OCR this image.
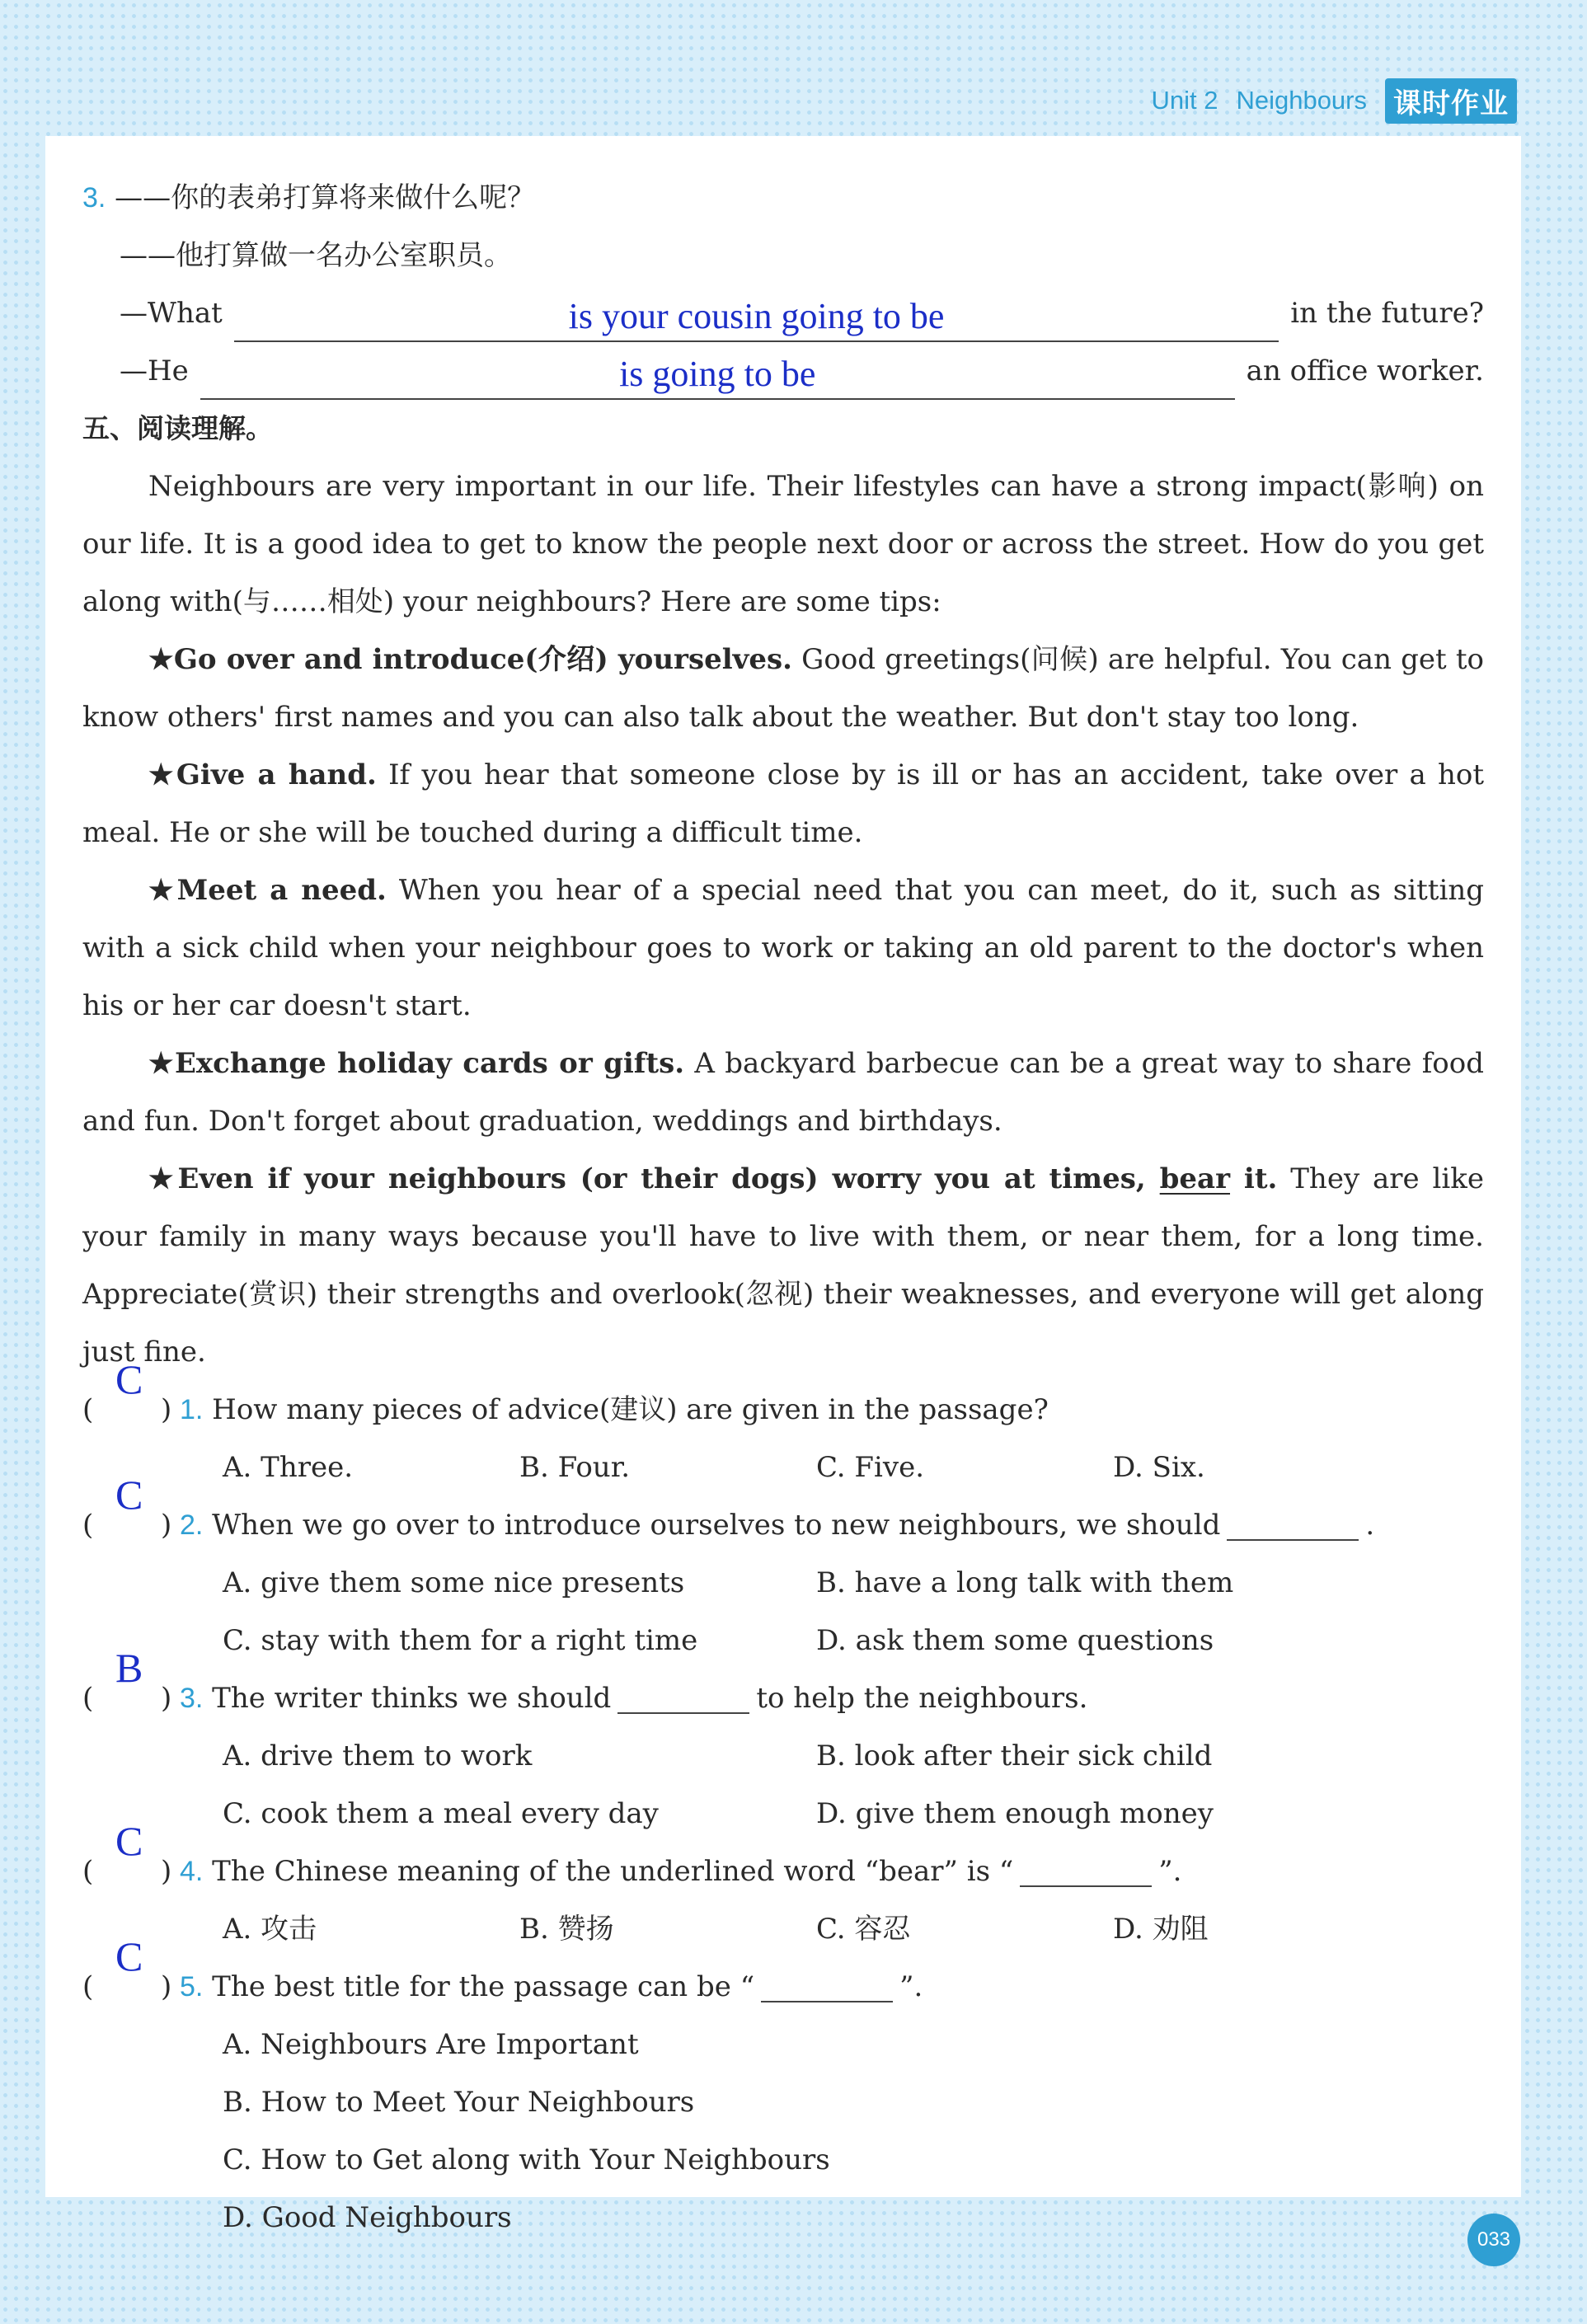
Unit 2 Neighbours 课时作业
3. ——你的表弟打算将来做什么呢？
——他打算做一名办公室职员。
—What	is your cousin going to be	in the future?
—He	is going to be	an office worker.
五、阅读理解。

Neighbours are very important in our life. Their lifestyles can have a strong impact(影响) on our life. It is a good idea to get to know the people next door or across the street. How do you get along with(与……相处) your neighbours? Here are some tips:

★Go over and introduce(介绍) yourselves. Good greetings(问候) are helpful. You can get to know others' first names and you can also talk about the weather. But don't stay too long.

★Give a hand. If you hear that someone close by is ill or has an accident, take over a hot meal. He or she will be touched during a difficult time.

★Meet a need. When you hear of a special need that you can meet, do it, such as sitting with a sick child when your neighbour goes to work or taking an old parent to the doctor's when his or her car doesn't start.

★Exchange holiday cards or gifts. A backyard barbecue can be a great way to share food and fun. Don't forget about graduation, weddings and birthdays.

★Even if your neighbours (or their dogs) worry you at times, bear it. They are like your family in many ways because you'll have to live with them, or near them, for a long time. Appreciate(赏识) their strengths and overlook(忽视) their weaknesses, and everyone will get along just fine.

(
C
) 1.
How many pieces of advice(建议) are given in the passage?
A. Three.	B. Four.	C. Five.	D. Six.
(
C
) 2.
When we go over to introduce ourselves to new neighbours, we should	.
A. give them some nice presents	B. have a long talk with them
C. stay with them for a right time	D. ask them some questions
(
B
) 3.
The writer thinks we should	to help the neighbours.
A. drive them to work	B. look after their sick child
C. cook them a meal every day	D. give them enough money
(
C
) 4.
The Chinese meaning of the underlined word “bear” is “	”.
A. 攻击	B. 赞扬	C. 容忍	D. 劝阻
(
C
) 5.
The best title for the passage can be “	”.
A. Neighbours Are Important
B. How to Meet Your Neighbours
C. How to Get along with Your Neighbours
D. Good Neighbours
033
